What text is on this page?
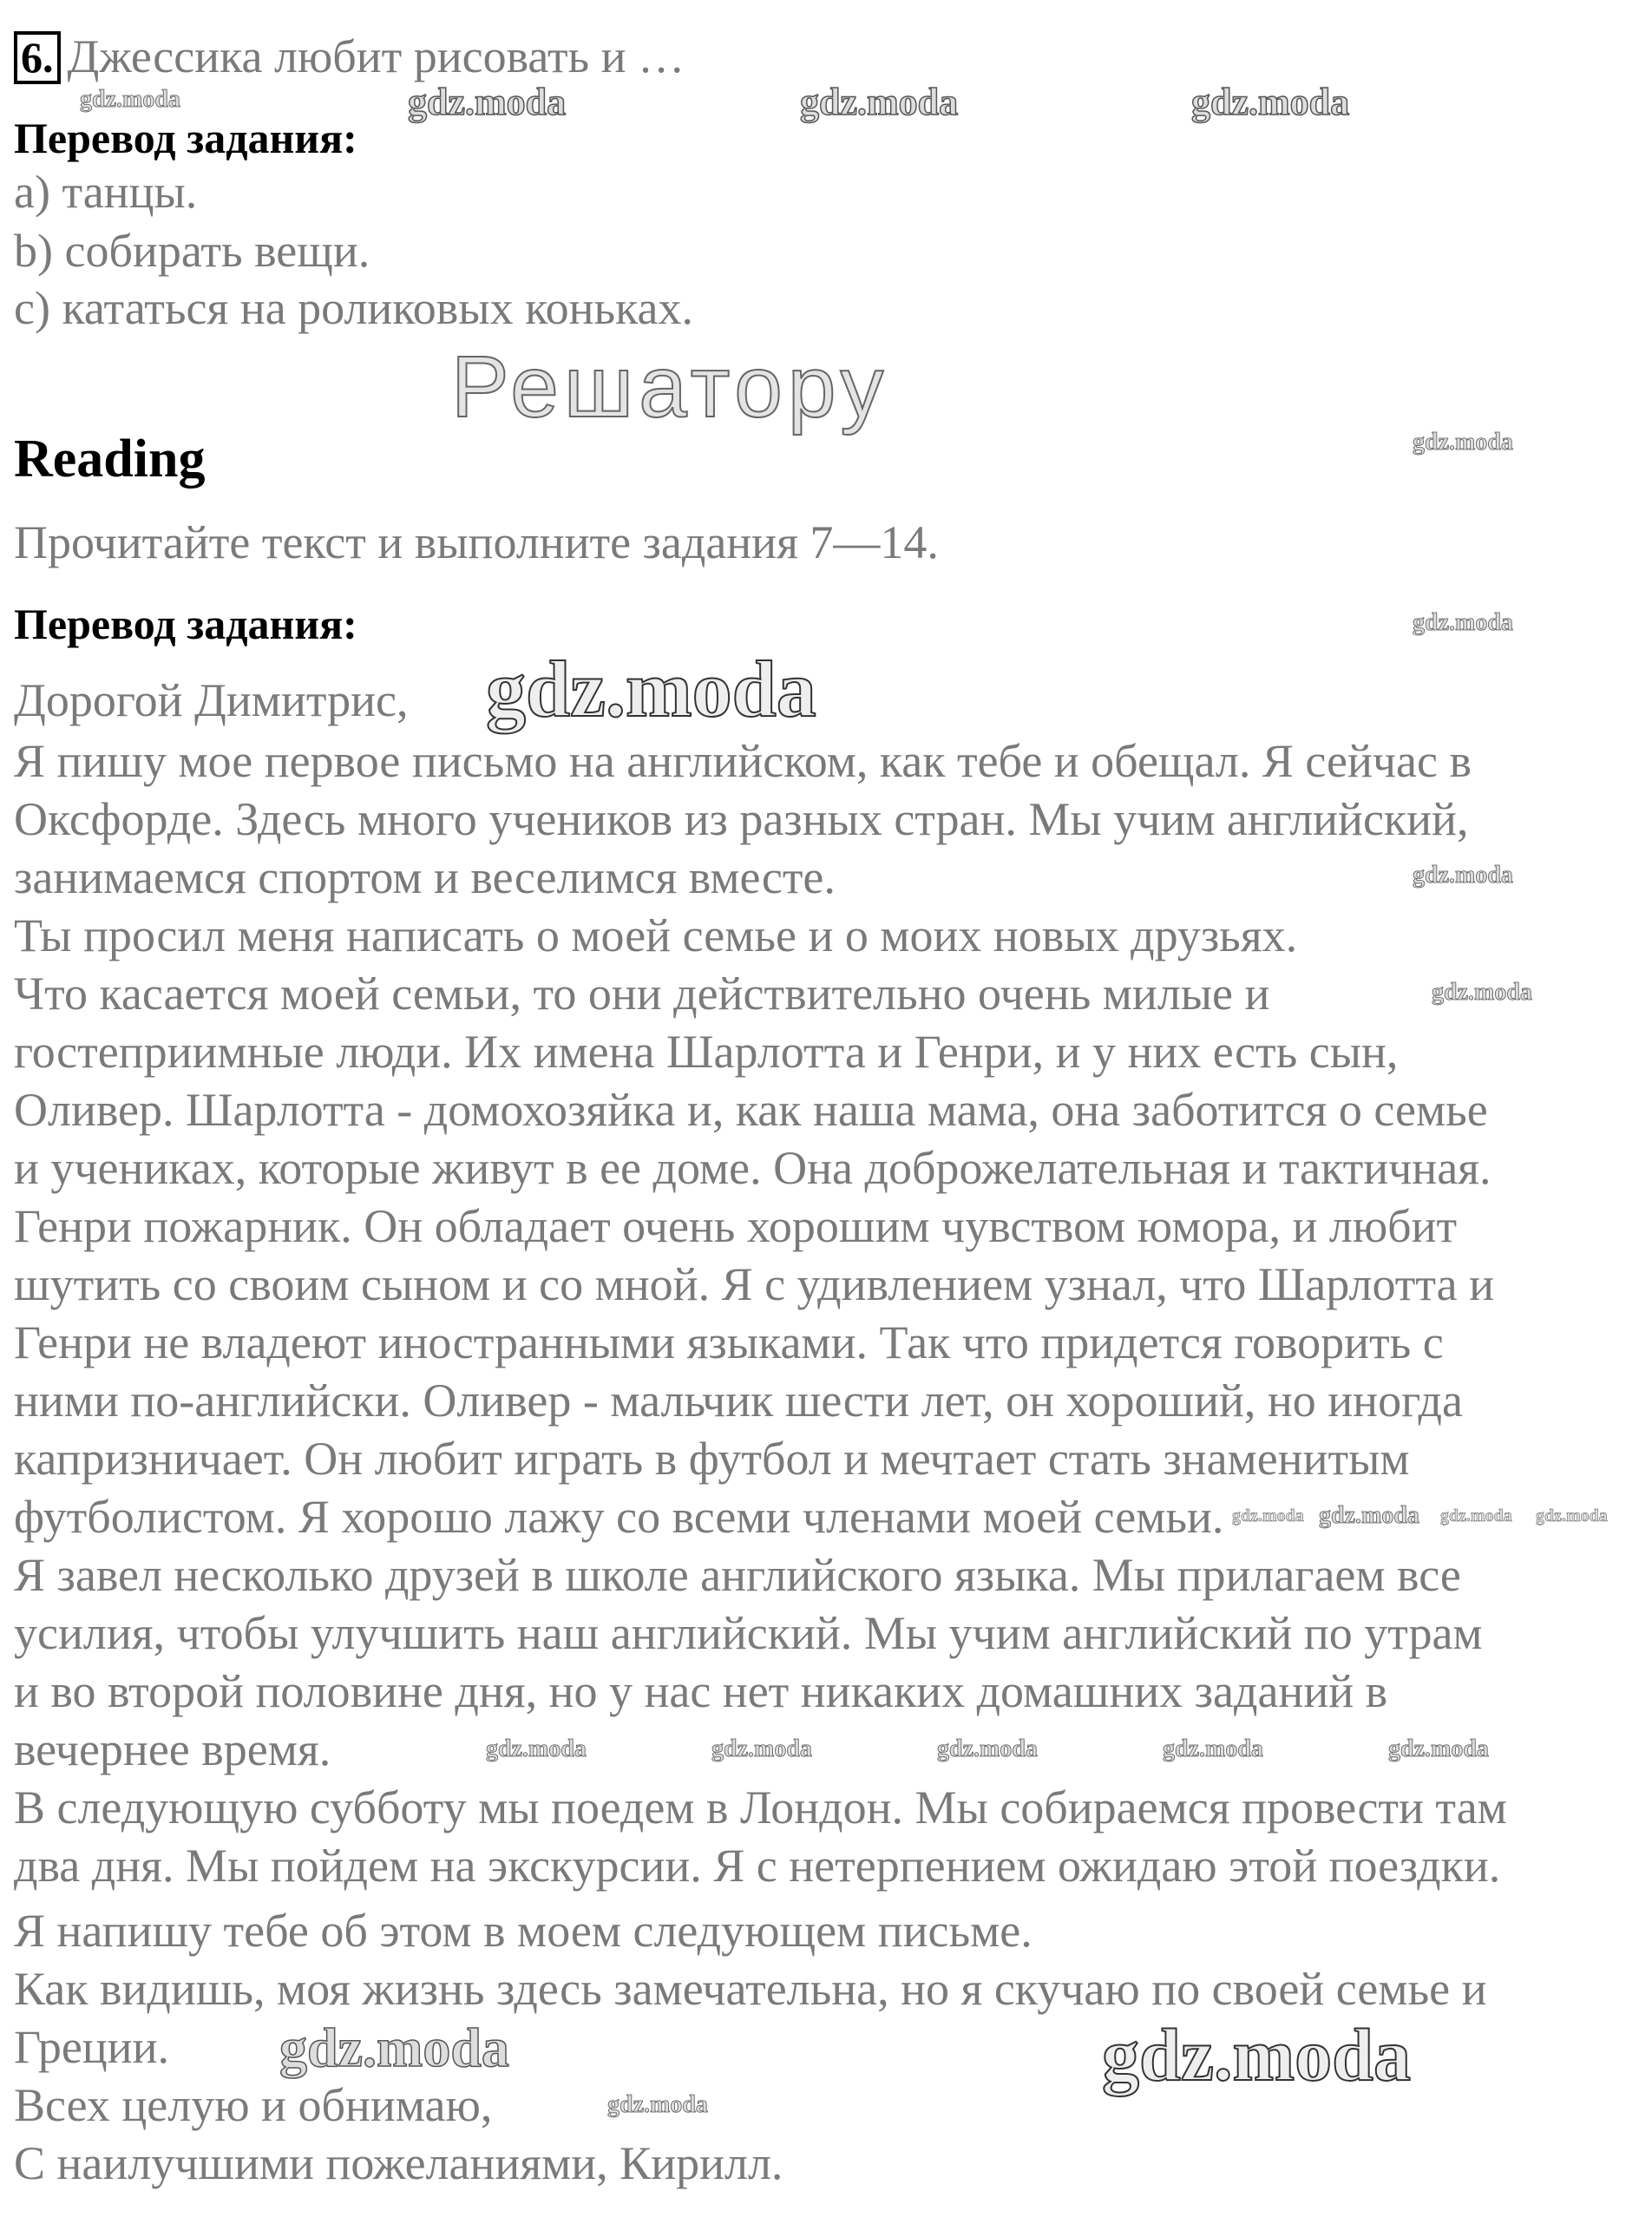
Решатору
6. Джессика любит рисовать и …
Перевод задания:
a) танцы.
b) собирать вещи.
c) кататься на роликовых коньках.
Reading
Прочитайте текст и выполните задания 7—14.
Перевод задания:
Дорогой Димитрис,
Я пишу мое первое письмо на английском, как тебе и обещал. Я сейчас в
Оксфорде. Здесь много учеников из разных стран. Мы учим английский,
занимаемся спортом и веселимся вместе.
Ты просил меня написать о моей семье и о моих новых друзьях.
Что касается моей семьи, то они действительно очень милые и
гостеприимные люди. Их имена Шарлотта и Генри, и у них есть сын,
Оливер. Шарлотта - домохозяйка и, как наша мама, она заботится о семье
и учениках, которые живут в ее доме. Она доброжелательная и тактичная.
Генри пожарник. Он обладает очень хорошим чувством юмора, и любит
шутить со своим сыном и со мной. Я с удивлением узнал, что Шарлотта и
Генри не владеют иностранными языками. Так что придется говорить с
ними по-английски. Оливер - мальчик шести лет, он хороший, но иногда
капризничает. Он любит играть в футбол и мечтает стать знаменитым
футболистом. Я хорошо лажу со всеми членами моей семьи.
Я завел несколько друзей в школе английского языка. Мы прилагаем все
усилия, чтобы улучшить наш английский. Мы учим английский по утрам
и во второй половине дня, но у нас нет никаких домашних заданий в
вечернее время.
В следующую субботу мы поедем в Лондон. Мы собираемся провести там
два дня. Мы пойдем на экскурсии. Я с нетерпением ожидаю этой поездки.
Я напишу тебе об этом в моем следующем письме.
Как видишь, моя жизнь здесь замечательна, но я скучаю по своей семье и
Греции.
Всех целую и обнимаю,
С наилучшими пожеланиями, Кирилл.
gdz.moda	gdz.moda	gdz.moda	gdz.moda
gdz.moda
gdz.moda
gdz.moda
gdz.moda
gdz.moda
gdz.moda	gdz.moda	gdz.moda	gdz.moda	gdz.moda
gdz.moda gdz.moda gdz.moda gdz.moda
gdz.moda
gdz.moda	gdz.moda
